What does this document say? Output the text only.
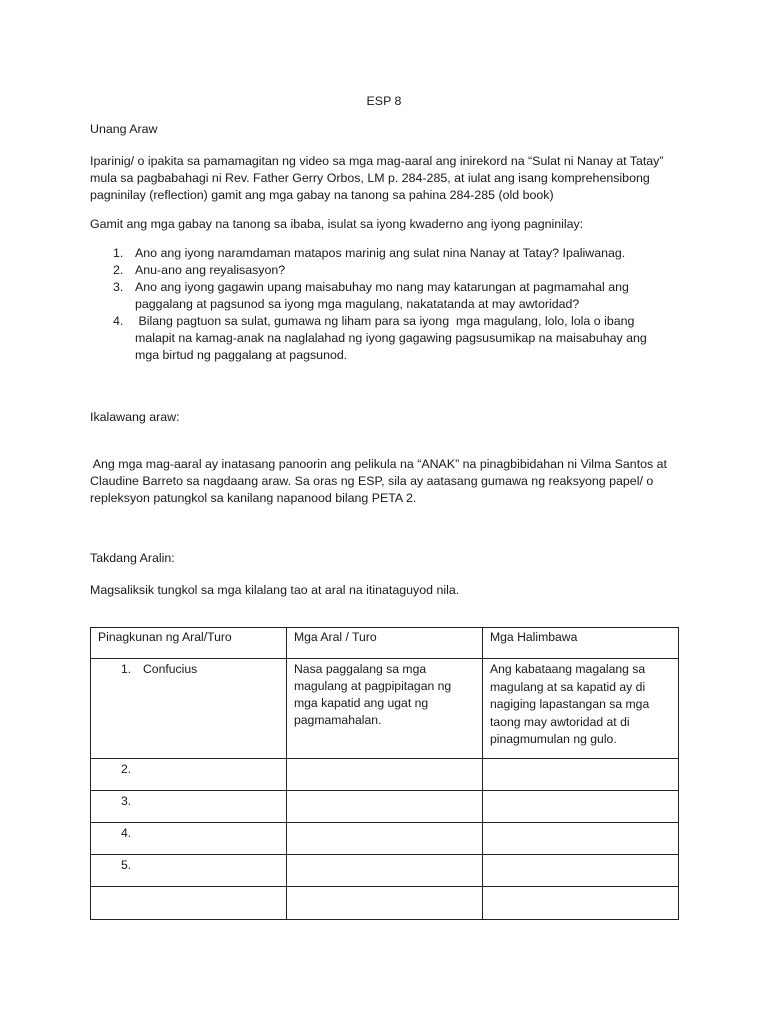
ESP 8

Unang Araw

Iparinig/ o ipakita sa pamamagitan ng video sa mga mag-aaral ang inirekord na “Sulat ni Nanay at Tatay”

mula sa pagbabahagi ni Rev. Father Gerry Orbos, LM p. 284-285, at iulat ang isang komprehensibong

pagninilay (reflection) gamit ang mga gabay na tanong sa pahina 284-285 (old book)

Gamit ang mga gabay na tanong sa ibaba, isulat sa iyong kwaderno ang iyong pagninilay:

1. Ano ang iyong naramdaman matapos marinig ang sulat nina Nanay at Tatay? Ipaliwanag.
2. Anu-ano ang reyalisasyon?
3. Ano ang iyong gagawin upang maisabuhay mo nang may katarungan at pagmamahal ang
paggalang at pagsunod sa iyong mga magulang, nakatatanda at may awtoridad?
4. Bilang pagtuon sa sulat, gumawa ng liham para sa iyong  mga magulang, lolo, lola o ibang
malapit na kamag-anak na naglalahad ng iyong gagawing pagsusumikap na maisabuhay ang
mga birtud ng paggalang at pagsunod.

Ikalawang araw:

Ang mga mag-aaral ay inatasang panoorin ang pelikula na “ANAK” na pinagbibidahan ni Vilma Santos at

Claudine Barreto sa nagdaang araw. Sa oras ng ESP, sila ay aatasang gumawa ng reaksyong papel/ o

repleksyon patungkol sa kanilang napanood bilang PETA 2.

Takdang Aralin:

Magsaliksik tungkol sa mga kilalang tao at aral na itinataguyod nila.

Pinagkunan ng Aral/Turo	Mga Aral / Turo	Mga Halimbawa
1. Confucius	Nasa paggalang sa mga
magulang at pagpipitagan ng
mga kapatid ang ugat ng
pagmamahalan.	Ang kabataang magalang sa
magulang at sa kapatid ay di
nagiging lapastangan sa mga
taong may awtoridad at di
pinagmumulan ng gulo.

2.		
3.		
4.		
5.		
